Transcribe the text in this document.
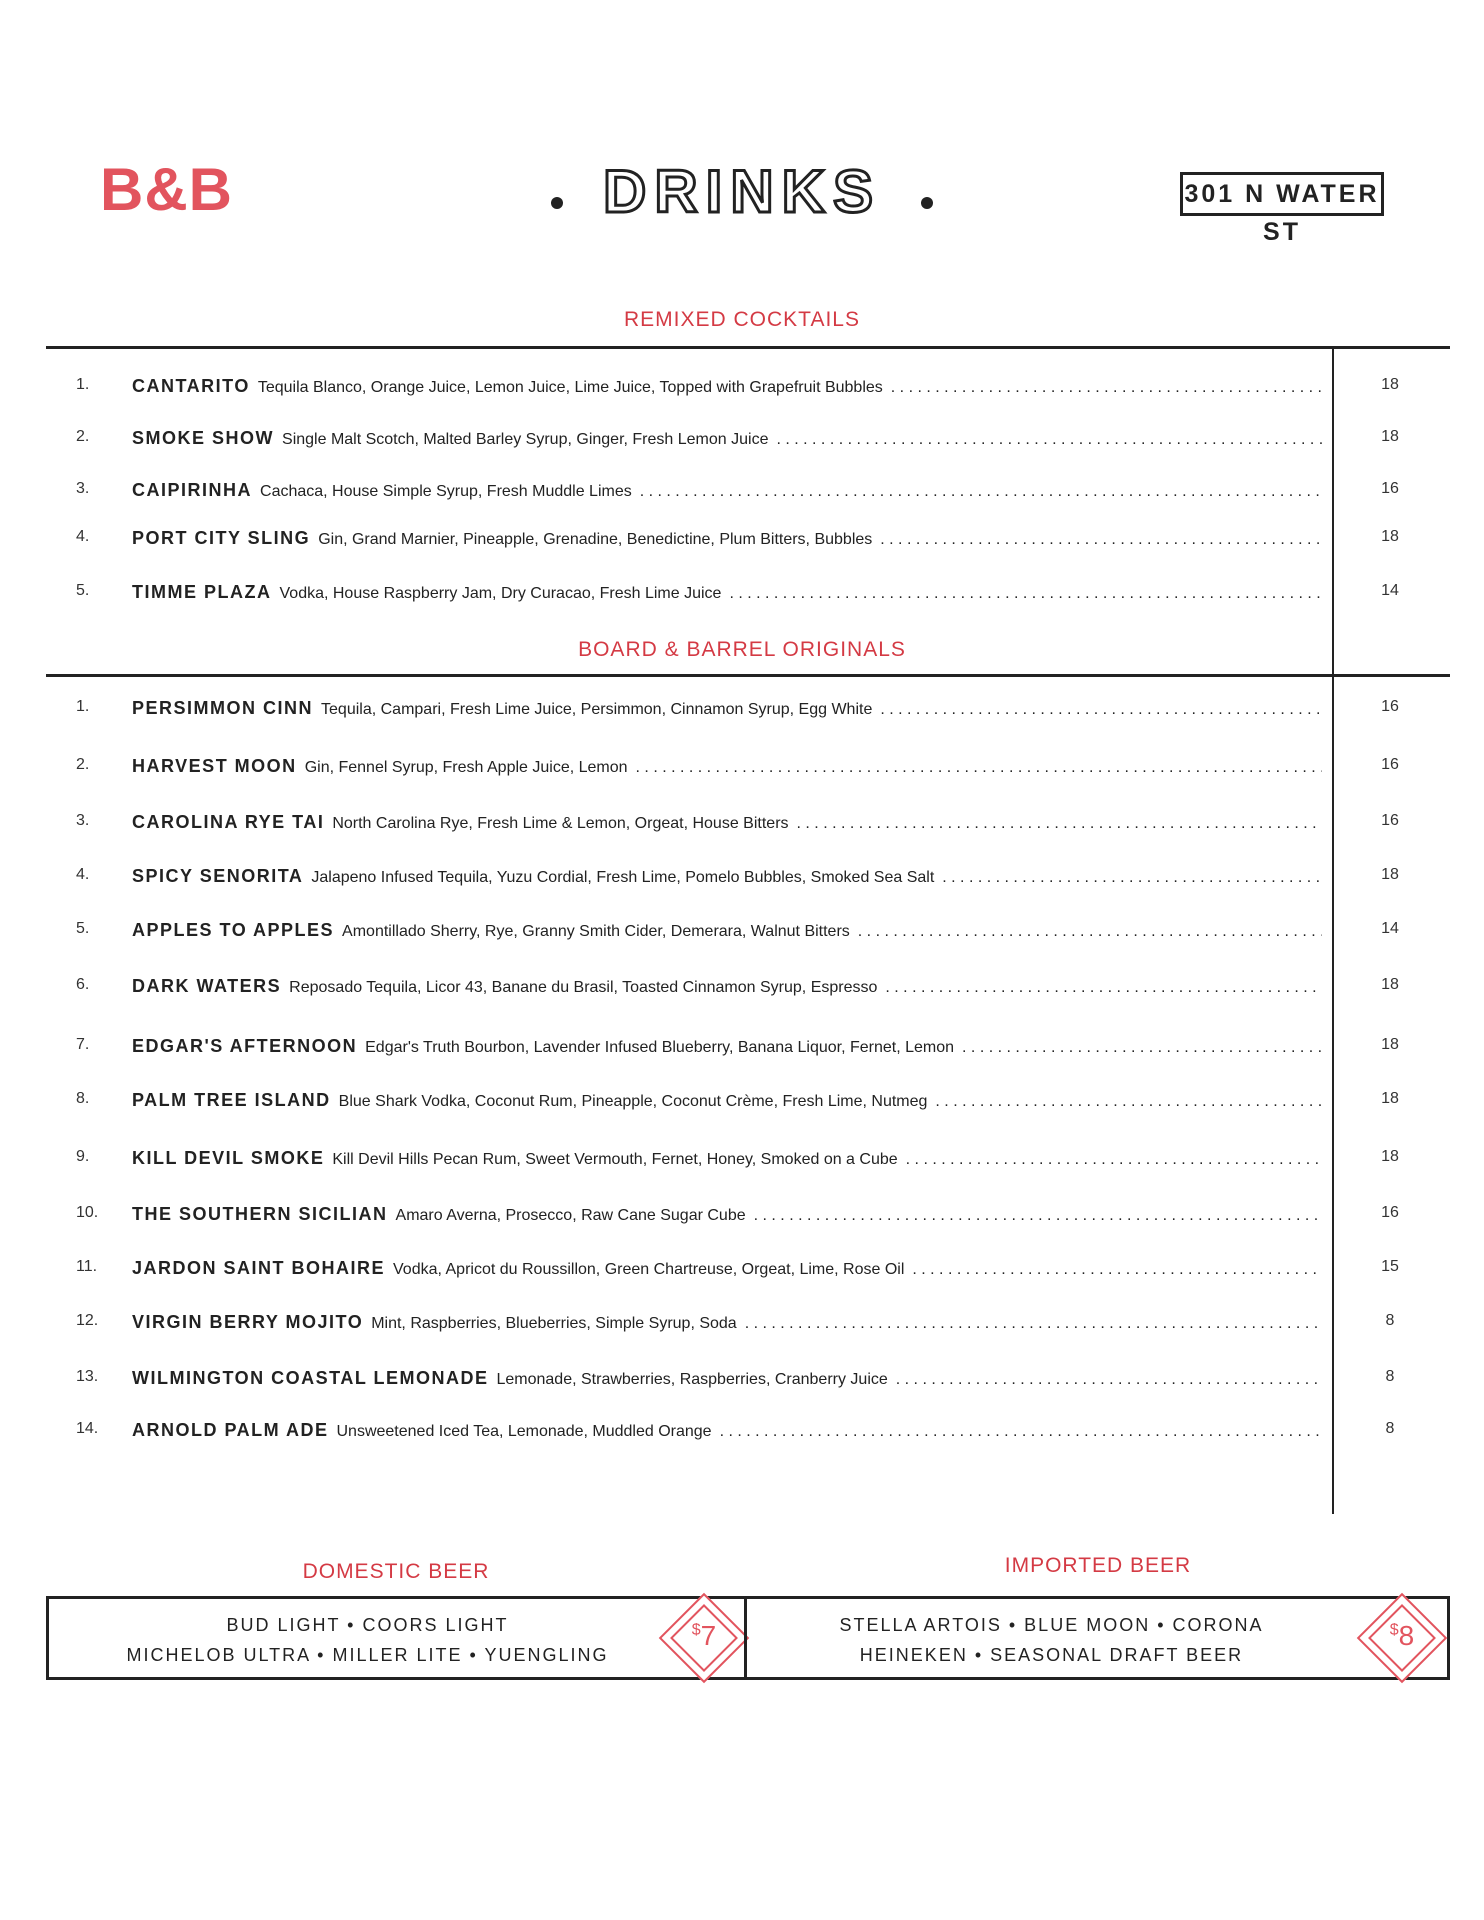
B&B	DRINKS	301 N WATER ST
REMIXED COCKTAILS
1.	CANTARITO Tequila Blanco, Orange Juice, Lemon Juice, Lime Juice, Topped with Grapefruit Bubbles . . .	18
2.	SMOKE SHOW Single Malt Scotch, Malted Barley Syrup, Ginger, Fresh Lemon Juice . . .	18
3.	CAIPIRINHA Cachaca, House Simple Syrup, Fresh Muddle Limes . . .	16
4.	PORT CITY SLING Gin, Grand Marnier, Pineapple, Grenadine, Benedictine, Plum Bitters, Bubbles . . .	18
5.	TIMME PLAZA Vodka, House Raspberry Jam, Dry Curacao, Fresh Lime Juice . . .	14
BOARD & BARREL ORIGINALS
1.	PERSIMMON CINN Tequila, Campari, Fresh Lime Juice, Persimmon, Cinnamon Syrup, Egg White . . .	16
2.	HARVEST MOON Gin, Fennel Syrup, Fresh Apple Juice, Lemon . . .	16
3.	CAROLINA RYE TAI North Carolina Rye, Fresh Lime & Lemon, Orgeat, House Bitters . . .	16
4.	SPICY SENORITA Jalapeno Infused Tequila, Yuzu Cordial, Fresh Lime, Pomelo Bubbles, Smoked Sea Salt . . .	18
5.	APPLES TO APPLES Amontillado Sherry, Rye, Granny Smith Cider, Demerara, Walnut Bitters . . .	14
6.	DARK WATERS Reposado Tequila, Licor 43, Banane du Brasil, Toasted Cinnamon Syrup, Espresso . . .	18
7.	EDGAR'S AFTERNOON Edgar's Truth Bourbon, Lavender Infused Blueberry, Banana Liquor, Fernet, Lemon . . .	18
8.	PALM TREE ISLAND Blue Shark Vodka, Coconut Rum, Pineapple, Coconut Crème, Fresh Lime, Nutmeg . . .	18
9.	KILL DEVIL SMOKE Kill Devil Hills Pecan Rum, Sweet Vermouth, Fernet, Honey, Smoked on a Cube . . .	18
10.	THE SOUTHERN SICILIAN Amaro Averna, Prosecco, Raw Cane Sugar Cube . . .	16
11.	JARDON SAINT BOHAIRE Vodka, Apricot du Roussillon, Green Chartreuse, Orgeat, Lime, Rose Oil . . .	15
12.	VIRGIN BERRY MOJITO Mint, Raspberries, Blueberries, Simple Syrup, Soda . . .	8
13.	WILMINGTON COASTAL LEMONADE Lemonade, Strawberries, Raspberries, Cranberry Juice . . .	8
14.	ARNOLD PALM ADE Unsweetened Iced Tea, Lemonade, Muddled Orange . . .	8
DOMESTIC BEER
BUD LIGHT • COORS LIGHT
MICHELOB ULTRA • MILLER LITE • YUENGLING
$7
IMPORTED BEER
STELLA ARTOIS • BLUE MOON • CORONA
HEINEKEN • SEASONAL DRAFT BEER
$8
